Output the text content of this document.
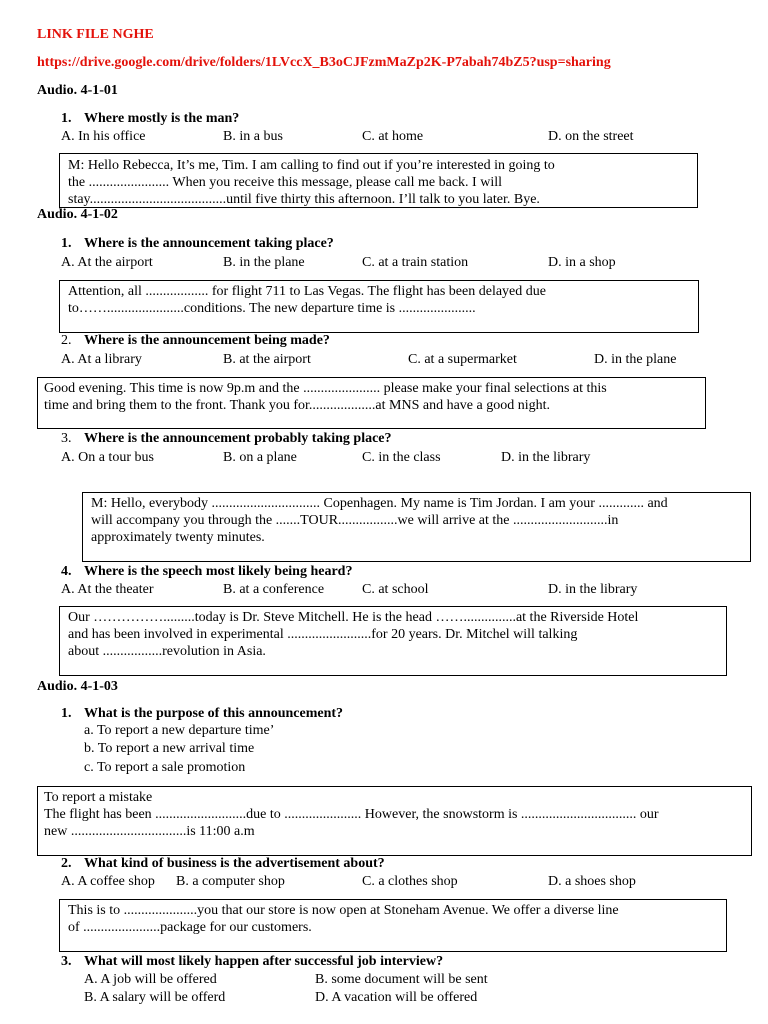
LINK FILE NGHE
https://drive.google.com/drive/folders/1LVccX_B3oCJFzmMaZp2K-P7abah74bZ5?usp=sharing
Audio. 4-1-01
1. Where mostly is the man?
A. In his office	B. in a bus	C. at home	D. on the street
M: Hello Rebecca, It’s me, Tim. I am calling to find out if you’re interested in going to
the ....................... When you receive this message, please call me back. I will
stay.......................................until five thirty this afternoon. I’ll talk to you later. Bye.
Audio. 4-1-02
1. Where is the announcement taking place?
A. At the airport	B. in the plane	C. at a train station	D. in a shop
Attention, all .................. for flight 711 to Las Vegas. The flight has been delayed due
to……......................conditions. The new departure time is ......................
2. Where is the announcement being made?
A. At a library	B. at the airport	C. at a supermarket	D. in the plane
Good evening. This time is now 9p.m and the ...................... please make your final selections at this
time and bring them to the front. Thank you for...................at MNS and have a good night.
3. Where is the announcement probably taking place?
A. On a tour bus	B. on a plane	C. in the class	D. in the library
M: Hello, everybody ............................... Copenhagen. My name is Tim Jordan. I am your ............. and
will accompany you through the .......TOUR.................we will arrive at the ...........................in
approximately twenty minutes.
4. Where is the speech most likely being heard?
A. At the theater	B. at a conference	C. at school	D. in the library
Our …………….........today is Dr. Steve Mitchell. He is the head ……...............at the Riverside Hotel
and has been involved in experimental ........................for 20 years. Dr. Mitchel will talking
about .................revolution in Asia.
Audio. 4-1-03
1. What is the purpose of this announcement?
a. To report a new departure time’
b. To report a new arrival time
c. To report a sale promotion
To report a mistake
The flight has been ..........................due to ...................... However, the snowstorm is ................................. our
new .................................is 11:00 a.m
2. What kind of business is the advertisement about?
A. A coffee shop B. a computer shop	C. a clothes shop	D. a shoes shop
This is to .....................you that our store is now open at Stoneham Avenue. We offer a diverse line
of ......................package for our customers.
3. What will most likely happen after successful job interview?
A. A job will be offered	B. some document will be sent
B. A salary will be offerd	D. A vacation will be offered
